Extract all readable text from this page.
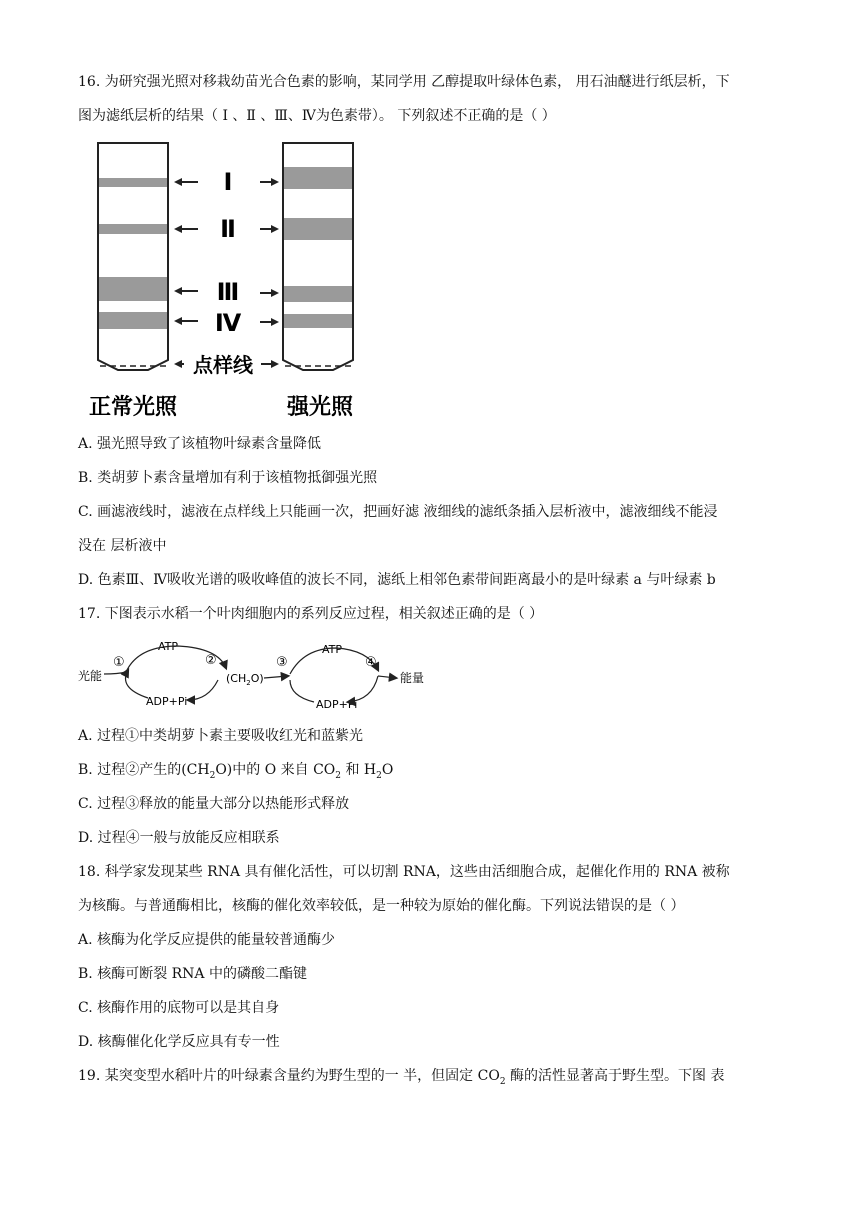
16. 为研究强光照对移栽幼苗光合色素的影响，某同学用 乙醇提取叶绿体色素， 用石油醚进行纸层析，下
图为滤纸层析的结果（ Ⅰ 、Ⅱ 、Ⅲ、Ⅳ为色素带）。 下列叙述不正确的是（ ）
Ⅰ
Ⅱ
Ⅲ
Ⅳ
点样线
正常光照	强光照
A. 强光照导致了该植物叶绿素含量降低
B. 类胡萝卜素含量增加有利于该植物抵御强光照
C. 画滤液线时，滤液在点样线上只能画一次，把画好滤 液细线的滤纸条插入层析液中，滤液细线不能浸
没在 层析液中
D. 色素Ⅲ、Ⅳ吸收光谱的吸收峰值的波长不同，滤纸上相邻色素带间距离最小的是叶绿素 a 与叶绿素 b
17. 下图表示水稻一个叶肉细胞内的系列反应过程，相关叙述正确的是（ ）
光能
ATP
ADP+Pi
①	②
$(CH_2O)$
③
ATP
ADP+Pi
④
能量
A. 过程①中类胡萝卜素主要吸收红光和蓝紫光
B. 过程②产生的$(CH_2O)$中的 O 来自 $CO_2$ 和 $H_2O$
C. 过程③释放的能量大部分以热能形式释放
D. 过程④一般与放能反应相联系
18. 科学家发现某些 RNA 具有催化活性，可以切割 RNA，这些由活细胞合成，起催化作用的 RNA 被称
为核酶。与普通酶相比，核酶的催化效率较低，是一种较为原始的催化酶。下列说法错误的是（ ）
A. 核酶为化学反应提供的能量较普通酶少
B. 核酶可断裂 RNA 中的磷酸二酯键
C. 核酶作用的底物可以是其自身
D. 核酶催化化学反应具有专一性
19. 某突变型水稻叶片的叶绿素含量约为野生型的一 半，但固定 $CO_2$ 酶的活性显著高于野生型。下图 表
